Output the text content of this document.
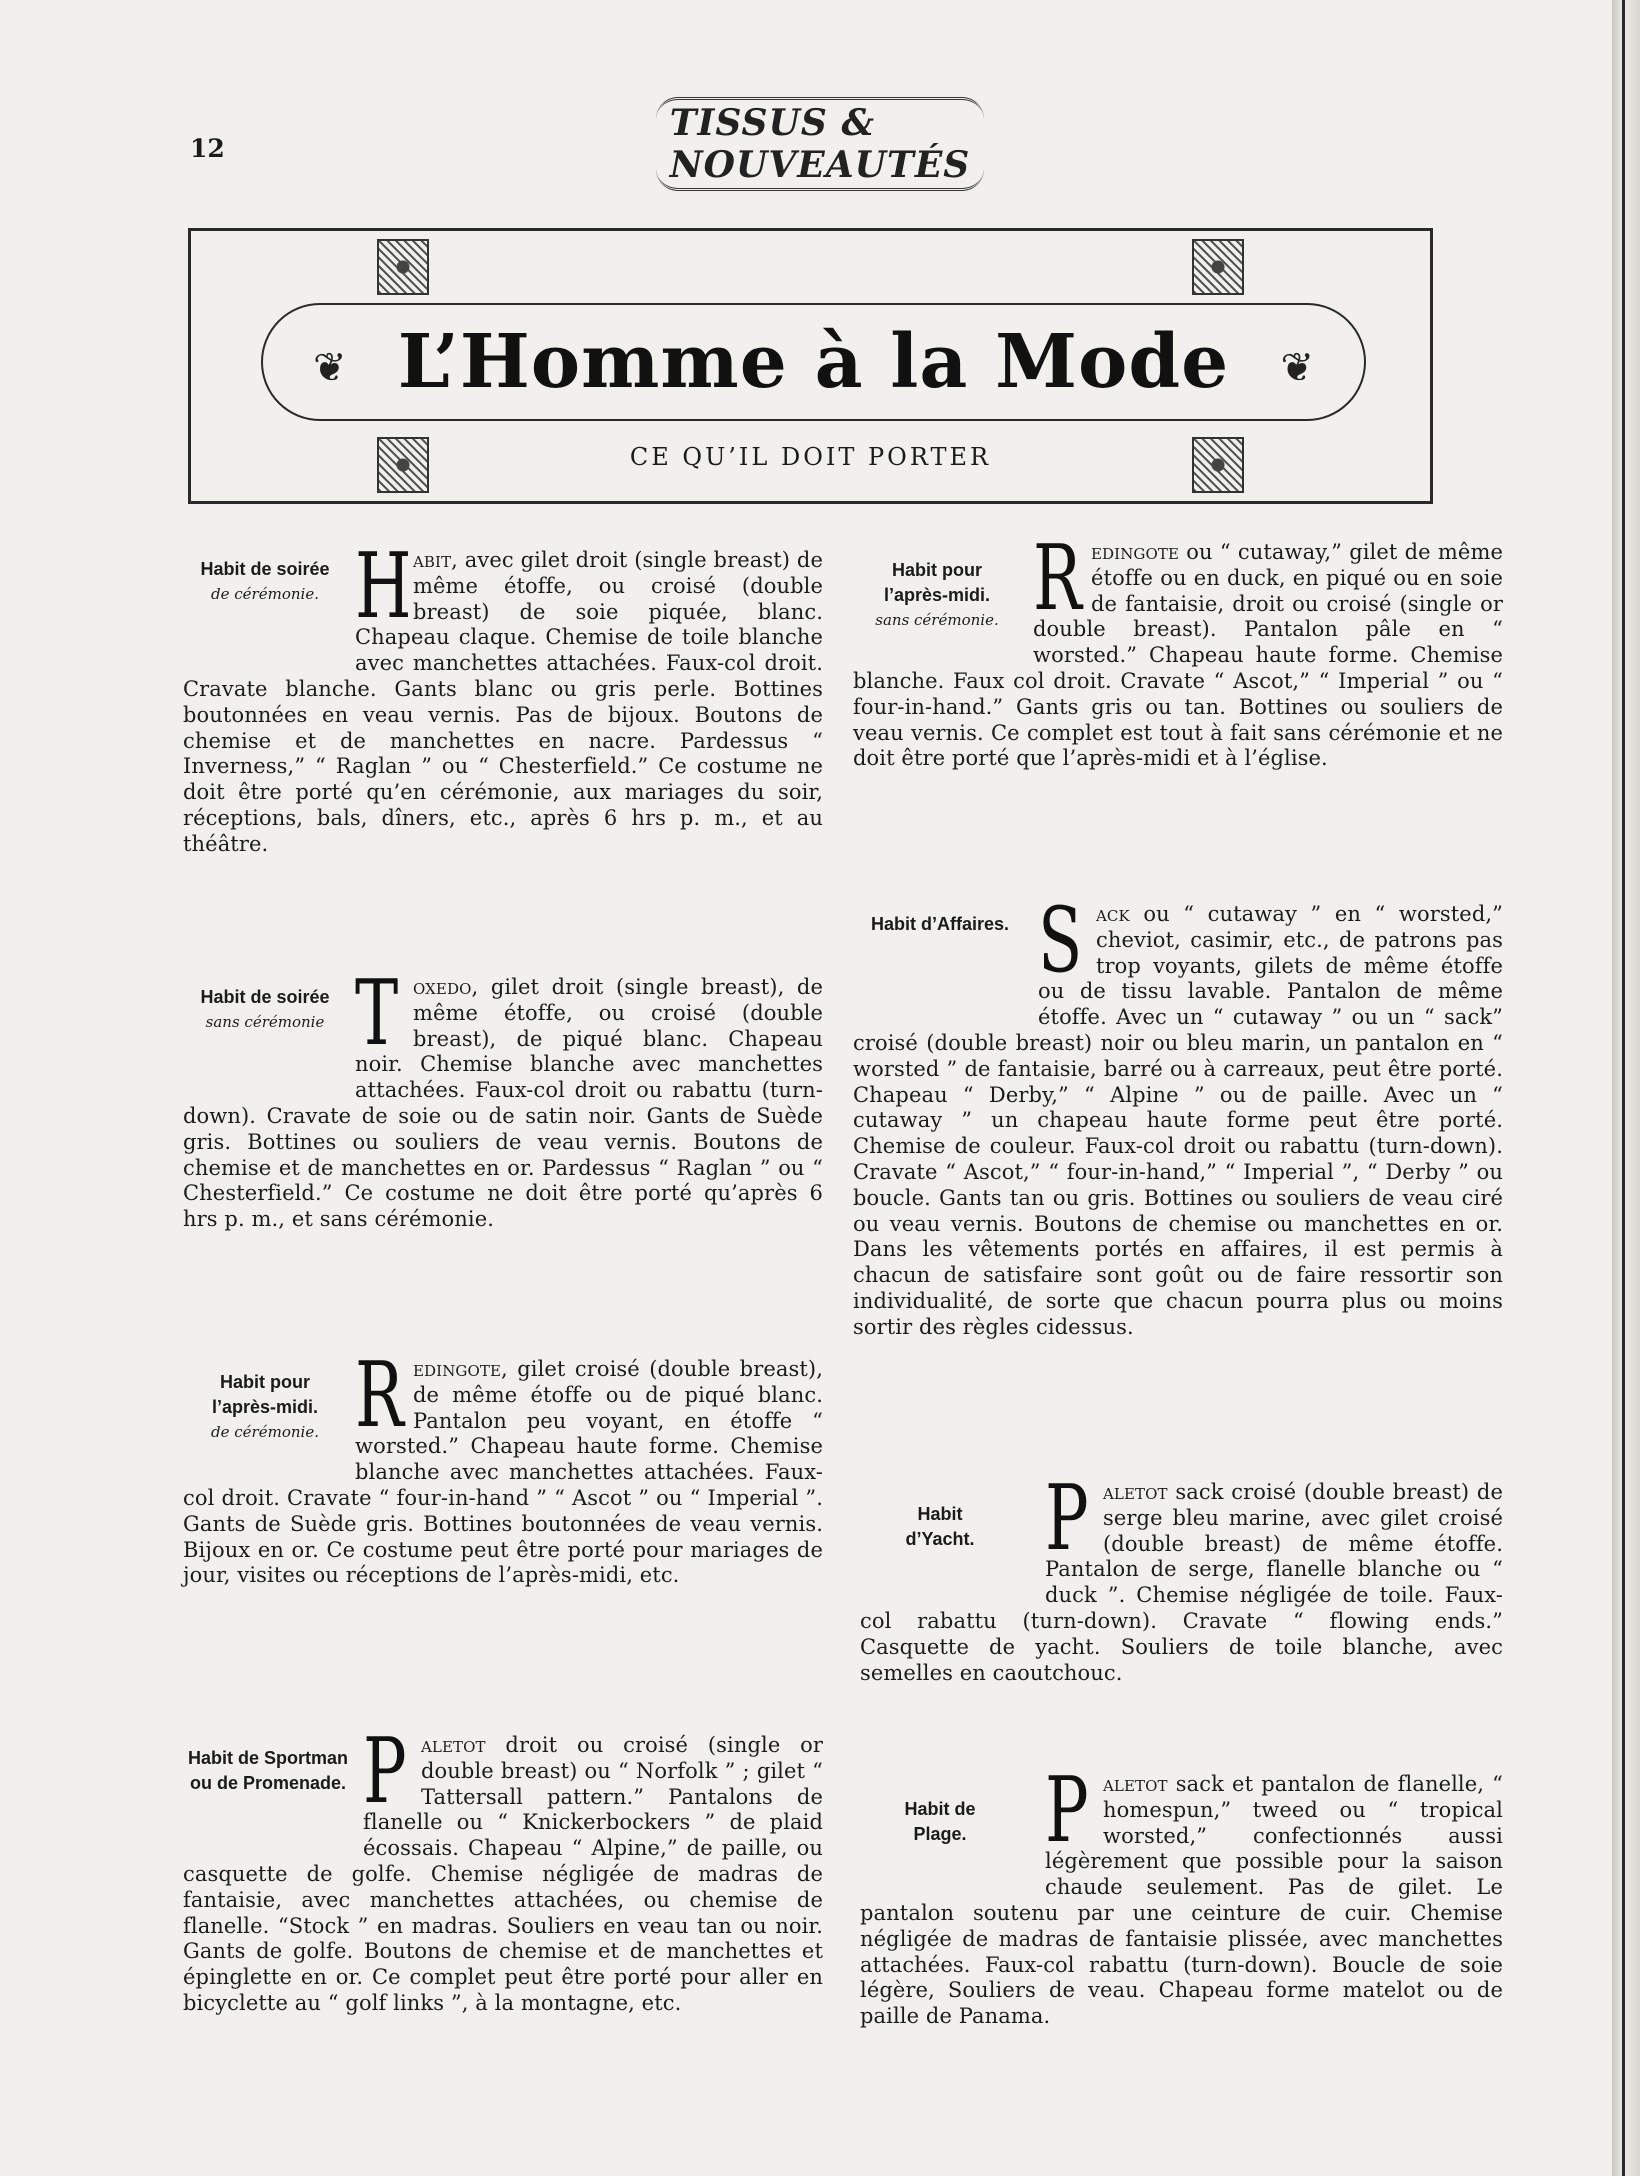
12
TISSUS & NOUVEAUTÉS
❦ L’Homme à la Mode ❦
CE QU’IL DOIT PORTER
Habit de soirée
de cérémonie. H abit, avec gilet droit (single breast) de même étoffe, ou croisé (double breast) de soie piquée, blanc. Chapeau claque. Chemise de toile blanche avec manchettes attachées. Faux-col droit. Cravate blanche. Gants blanc ou gris perle. Bottines boutonnées en veau vernis. Pas de bijoux. Boutons de chemise et de manchettes en nacre. Pardessus “ Inverness,” “ Raglan ” ou “ Chesterfield.” Ce costume ne doit être porté qu’en cérémonie, aux mariages du soir, réceptions, bals, dîners, etc., après 6 hrs p. m., et au théâtre.
Habit de soirée
sans cérémonie T oxedo, gilet droit (single breast), de même étoffe, ou croisé (double breast), de piqué blanc. Chapeau noir. Chemise blanche avec manchettes attachées. Faux-col droit ou rabattu (turn-down). Cravate de soie ou de satin noir. Gants de Suède gris. Bottines ou souliers de veau vernis. Boutons de chemise et de manchettes en or. Pardessus “ Raglan ” ou “ Chesterfield.” Ce costume ne doit être porté qu’après 6 hrs p. m., et sans cérémonie.
Habit pour l’après-midi.
de cérémonie. R edingote, gilet croisé (double breast), de même étoffe ou de piqué blanc. Pantalon peu voyant, en étoffe “ worsted.” Chapeau haute forme. Chemise blanche avec manchettes attachées. Faux-col droit. Cravate “ four-in-hand ” “ Ascot ” ou “ Imperial ”. Gants de Suède gris. Bottines boutonnées de veau vernis. Bijoux en or. Ce costume peut être porté pour mariages de jour, visites ou réceptions de l’après-midi, etc.
Habit de Sportman ou de Promenade. P aletot droit ou croisé (single or double breast) ou “ Norfolk ” ; gilet “ Tattersall pattern.” Pantalons de flanelle ou “ Knickerbockers ” de plaid écossais. Chapeau “ Alpine,” de paille, ou casquette de golfe. Chemise négligée de madras de fantaisie, avec manchettes attachées, ou chemise de flanelle. “Stock ” en madras. Souliers en veau tan ou noir. Gants de golfe. Boutons de chemise et de manchettes et épinglette en or. Ce complet peut être porté pour aller en bicyclette au “ golf links ”, à la montagne, etc.
Habit pour l’après-midi.
sans cérémonie. R edingote ou “ cutaway,” gilet de même étoffe ou en duck, en piqué ou en soie de fantaisie, droit ou croisé (single or double breast). Pantalon pâle en “ worsted.” Chapeau haute forme. Chemise blanche. Faux col droit. Cravate “ Ascot,” “ Imperial ” ou “ four-in-hand.” Gants gris ou tan. Bottines ou souliers de veau vernis. Ce complet est tout à fait sans cérémonie et ne doit être porté que l’après-midi et à l’église.
Habit d’Affaires. S ack ou “ cutaway ” en “ worsted,” cheviot, casimir, etc., de patrons pas trop voyants, gilets de même étoffe ou de tissu lavable. Pantalon de même étoffe. Avec un “ cutaway ” ou un “ sack” croisé (double breast) noir ou bleu marin, un pantalon en “ worsted ” de fantaisie, barré ou à carreaux, peut être porté. Chapeau “ Derby,” “ Alpine ” ou de paille. Avec un “ cutaway ” un chapeau haute forme peut être porté. Chemise de couleur. Faux-col droit ou rabattu (turn-down). Cravate “ Ascot,” “ four-in-hand,” “ Imperial ”, “ Derby ” ou boucle. Gants tan ou gris. Bottines ou souliers de veau ciré ou veau vernis. Boutons de chemise ou manchettes en or. Dans les vêtements portés en affaires, il est permis à chacun de satisfaire sont goût ou de faire ressortir son individualité, de sorte que chacun pourra plus ou moins sortir des règles cidessus.
Habit d’Yacht. P aletot sack croisé (double breast) de serge bleu marine, avec gilet croisé (double breast) de même étoffe. Pantalon de serge, flanelle blanche ou “ duck ”. Chemise négligée de toile. Faux-col rabattu (turn-down). Cravate “ flowing ends.” Casquette de yacht. Souliers de toile blanche, avec semelles en caoutchouc.
Habit de Plage. P aletot sack et pantalon de flanelle, “ homespun,” tweed ou “ tropical worsted,” confectionnés aussi légèrement que possible pour la saison chaude seulement. Pas de gilet. Le pantalon soutenu par une ceinture de cuir. Chemise négligée de madras de fantaisie plissée, avec manchettes attachées. Faux-col rabattu (turn-down). Boucle de soie légère, Souliers de veau. Chapeau forme matelot ou de paille de Panama.
